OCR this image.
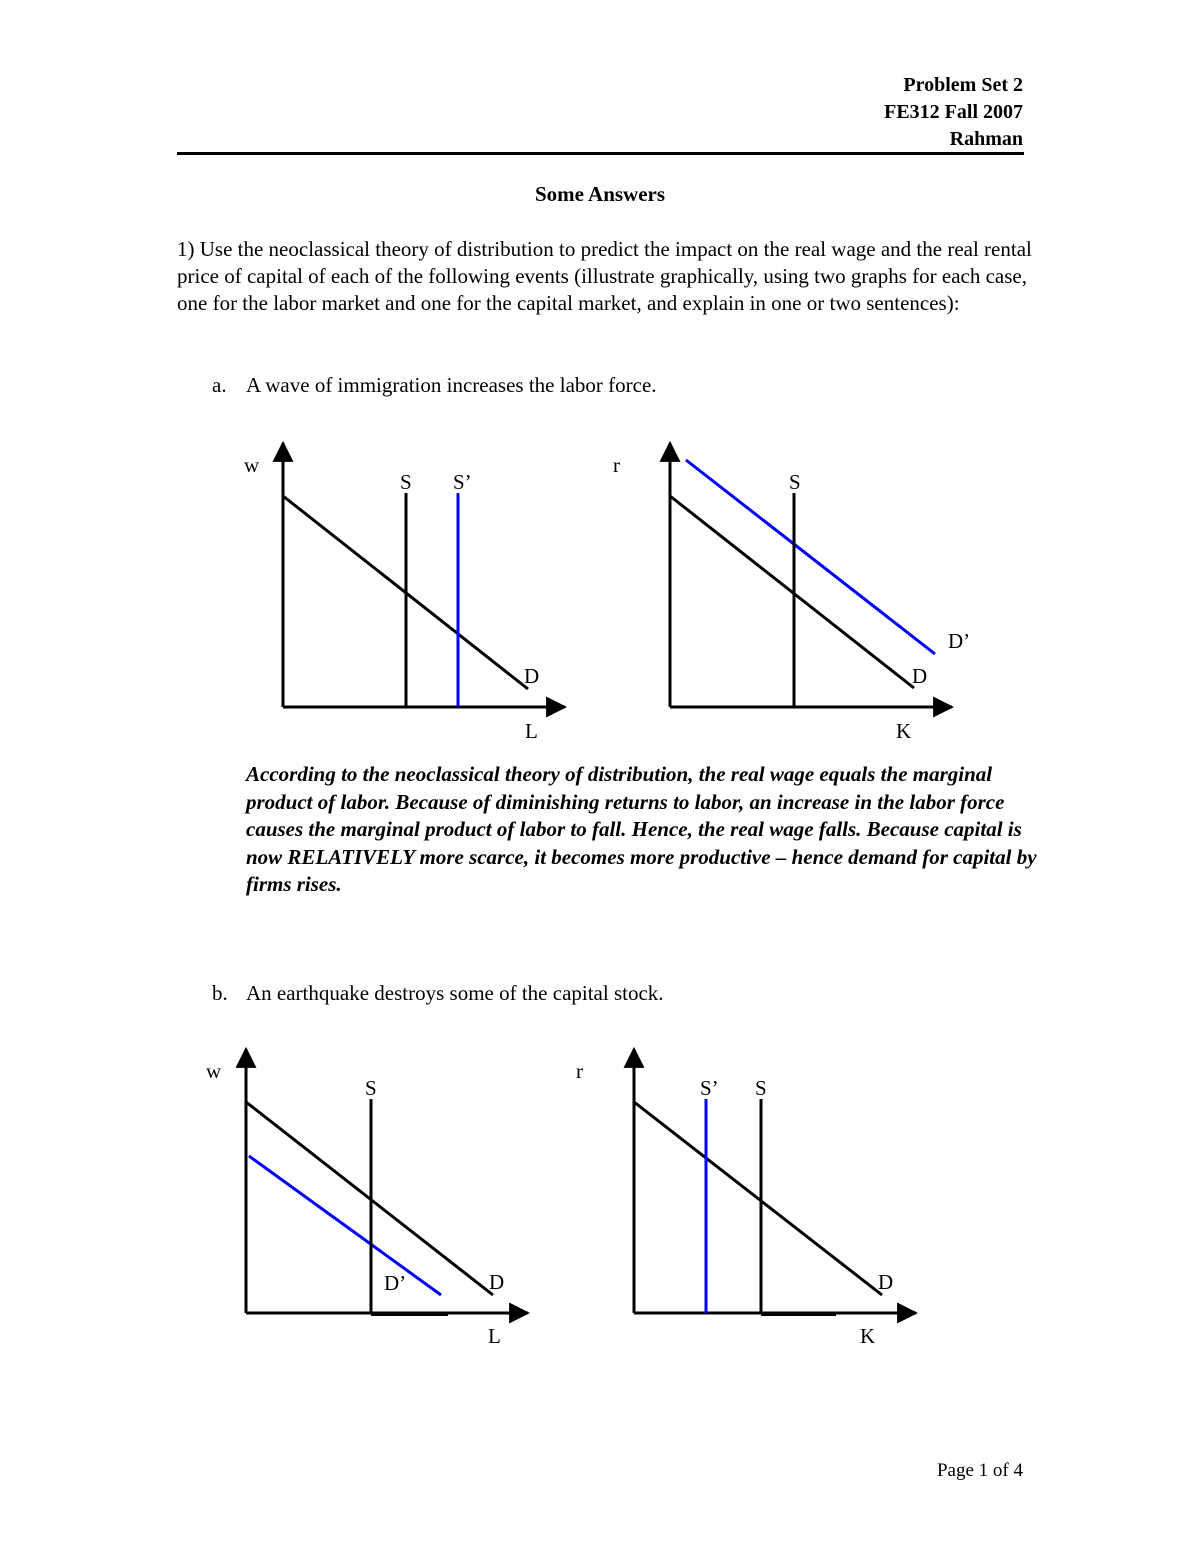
Problem Set 2
FE312 Fall 2007
Rahman
Some Answers
1) Use the neoclassical theory of distribution to predict the impact on the real wage and the real rental price of capital of each of the following events (illustrate graphically, using two graphs for each case, one for the labor market and one for the capital market, and explain in one or two sentences):
a. A wave of immigration increases the labor force.
According to the neoclassical theory of distribution, the real wage equals the marginal product of labor. Because of diminishing returns to labor, an increase in the labor force causes the marginal product of labor to fall. Hence, the real wage falls. Because capital is now RELATIVELY more scarce, it becomes more productive – hence demand for capital by firms rises.
b. An earthquake destroys some of the capital stock.
w
S S’
D
L
r
S
D’
D
K
w
S
D’	D
L
r
S’ S
D
K
Page 1 of 4
